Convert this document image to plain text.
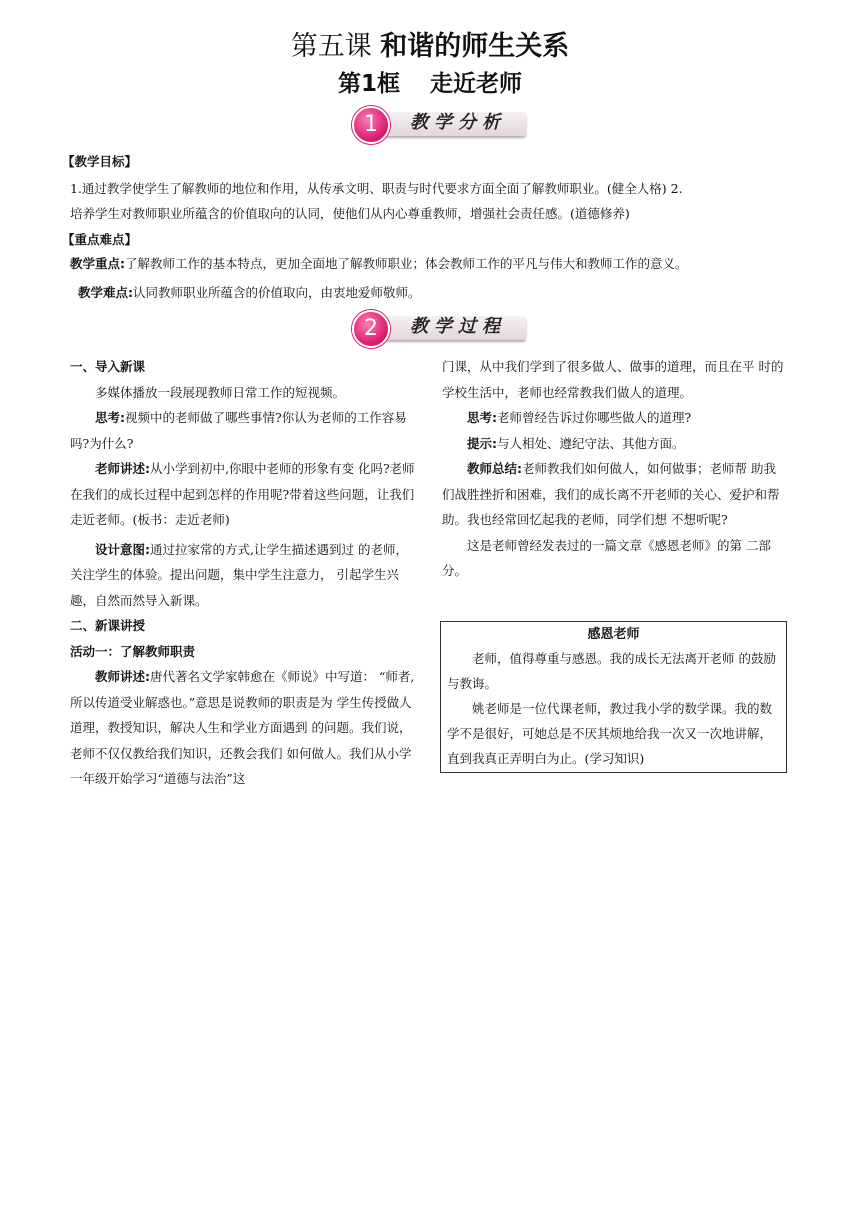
第五课 和谐的师生关系
第1框 走近老师
1	教学分析
【教学目标】
1.通过教学使学生了解教师的地位和作用，从传承文明、职责与时代要求方面全面了解教师职业。(健全人格) 2.
培养学生对教师职业所蕴含的价值取向的认同，使他们从内心尊重教师，增强社会责任感。(道德修养)
【重点难点】
教学重点:了解教师工作的基本特点，更加全面地了解教师职业；体会教师工作的平凡与伟大和教师工作的意义。
教学难点:认同教师职业所蕴含的价值取向，由衷地爱师敬师。
2	教学过程

一、导入新课

多媒体播放一段展现教师日常工作的短视频。

思考:视频中的老师做了哪些事情?你认为老师的工作容易吗?为什么?

老师讲述:从小学到初中,你眼中老师的形象有变 化吗?老师在我们的成长过程中起到怎样的作用呢?带着这些问题，让我们走近老师。(板书：走近老师)

设计意图:通过拉家常的方式,让学生描述遇到过 的老师，关注学生的体验。提出问题，集中学生注意力， 引起学生兴趣，自然而然导入新课。

二、新课讲授

活动一：了解教师职责

教师讲述:唐代著名文学家韩愈在《师说》中写道： “师者,所以传道受业解惑也。”意思是说教师的职责是为 学生传授做人道理，教授知识，解决人生和学业方面遇到 的问题。我们说，老师不仅仅教给我们知识，还教会我们 如何做人。我们从小学一年级开始学习“道德与法治”这

门课，从中我们学到了很多做人、做事的道理，而且在平 时的学校生活中，老师也经常教我们做人的道理。

思考:老师曾经告诉过你哪些做人的道理?

提示:与人相处、遵纪守法、其他方面。

教师总结:老师教我们如何做人，如何做事；老师帮 助我们战胜挫折和困难，我们的成长离不开老师的关心、爱护和帮助。我也经常回忆起我的老师，同学们想 不想听呢?

这是老师曾经发表过的一篇文章《感恩老师》的第 二部分。

感恩老师

老师，值得尊重与感恩。我的成长无法离开老师 的鼓励与教诲。

姚老师是一位代课老师，教过我小学的数学课。我的数学不是很好，可她总是不厌其烦地给我一次又一次地讲解，直到我真正弄明白为止。(学习知识)
